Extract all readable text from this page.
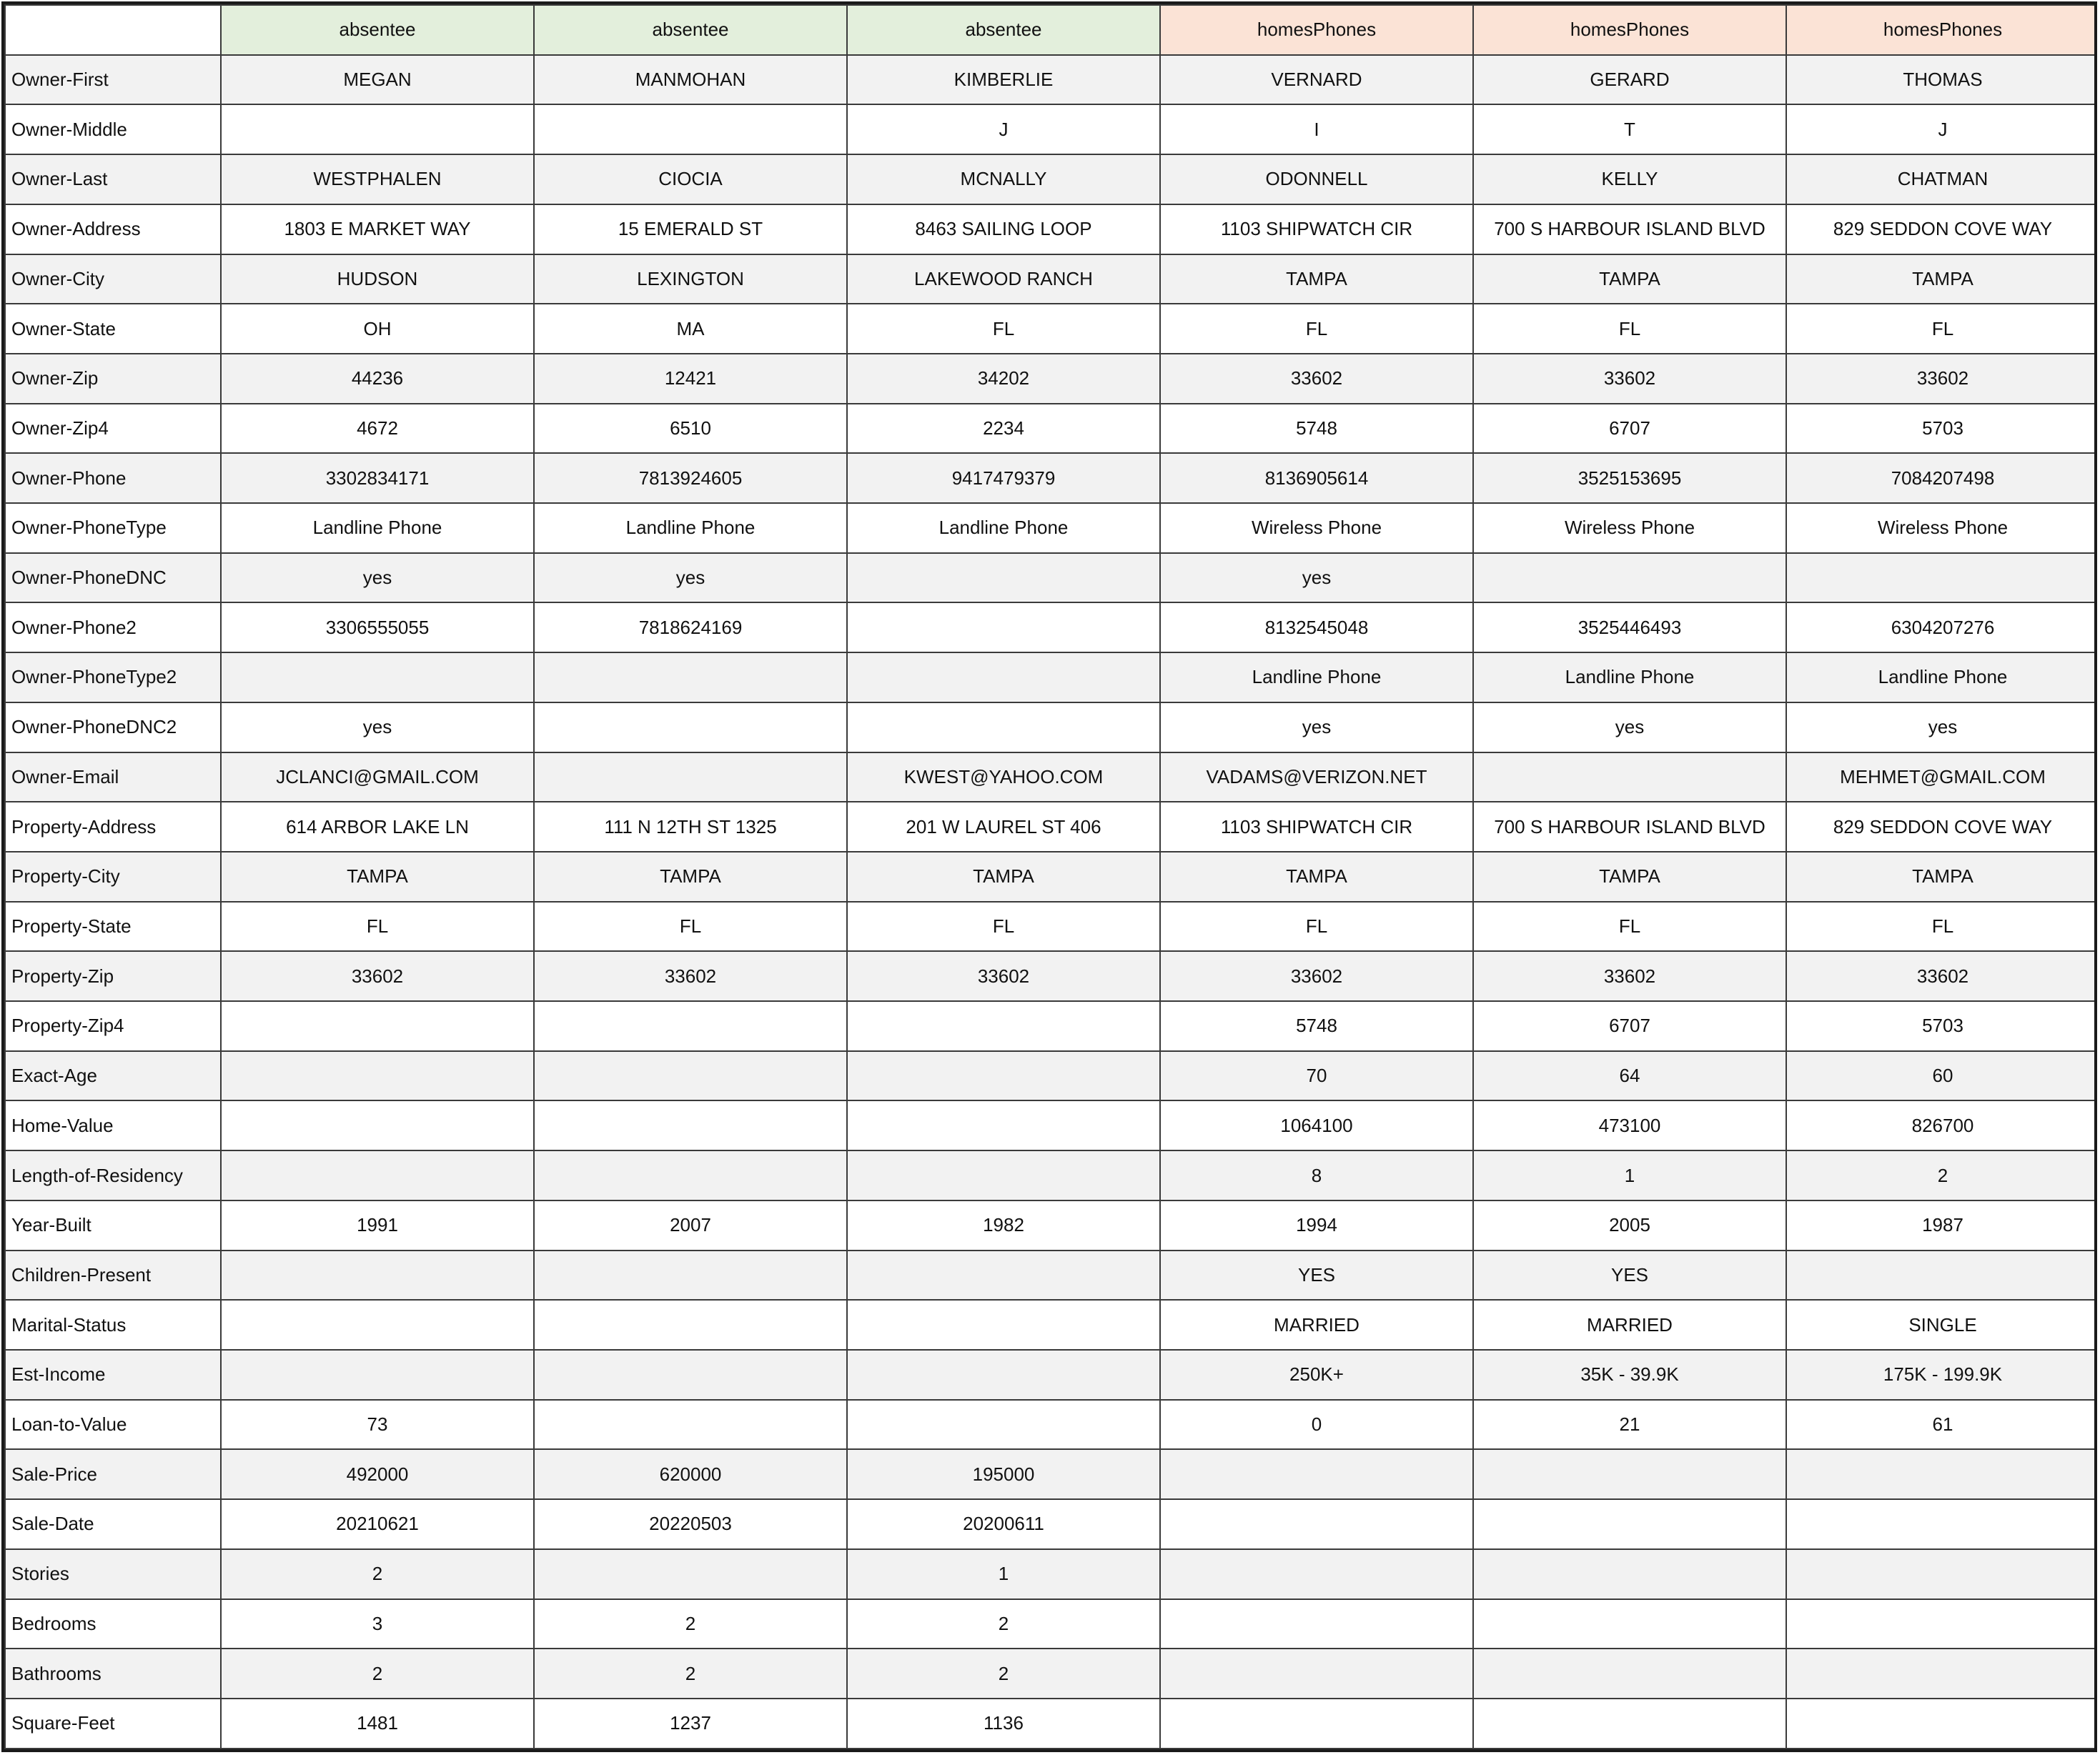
	absentee	absentee	absentee	homesPhones	homesPhones	homesPhones
Owner-First	MEGAN	MANMOHAN	KIMBERLIE	VERNARD	GERARD	THOMAS
Owner-Middle			J	I	T	J
Owner-Last	WESTPHALEN	CIOCIA	MCNALLY	ODONNELL	KELLY	CHATMAN
Owner-Address	1803 E MARKET WAY	15 EMERALD ST	8463 SAILING LOOP	1103 SHIPWATCH CIR	700 S HARBOUR ISLAND BLVD	829 SEDDON COVE WAY
Owner-City	HUDSON	LEXINGTON	LAKEWOOD RANCH	TAMPA	TAMPA	TAMPA
Owner-State	OH	MA	FL	FL	FL	FL
Owner-Zip	44236	12421	34202	33602	33602	33602
Owner-Zip4	4672	6510	2234	5748	6707	5703
Owner-Phone	3302834171	7813924605	9417479379	8136905614	3525153695	7084207498
Owner-PhoneType	Landline Phone	Landline Phone	Landline Phone	Wireless Phone	Wireless Phone	Wireless Phone
Owner-PhoneDNC	yes	yes		yes		
Owner-Phone2	3306555055	7818624169		8132545048	3525446493	6304207276
Owner-PhoneType2				Landline Phone	Landline Phone	Landline Phone
Owner-PhoneDNC2	yes			yes	yes	yes
Owner-Email	JCLANCI@GMAIL.COM		KWEST@YAHOO.COM	VADAMS@VERIZON.NET		MEHMET@GMAIL.COM
Property-Address	614 ARBOR LAKE LN	111 N 12TH ST 1325	201 W LAUREL ST 406	1103 SHIPWATCH CIR	700 S HARBOUR ISLAND BLVD	829 SEDDON COVE WAY
Property-City	TAMPA	TAMPA	TAMPA	TAMPA	TAMPA	TAMPA
Property-State	FL	FL	FL	FL	FL	FL
Property-Zip	33602	33602	33602	33602	33602	33602
Property-Zip4				5748	6707	5703
Exact-Age				70	64	60
Home-Value				1064100	473100	826700
Length-of-Residency				8	1	2
Year-Built	1991	2007	1982	1994	2005	1987
Children-Present				YES	YES	
Marital-Status				MARRIED	MARRIED	SINGLE
Est-Income				250K+	35K - 39.9K	175K - 199.9K
Loan-to-Value	73			0	21	61
Sale-Price	492000	620000	195000			
Sale-Date	20210621	20220503	20200611			
Stories	2		1			
Bedrooms	3	2	2			
Bathrooms	2	2	2			
Square-Feet	1481	1237	1136			
